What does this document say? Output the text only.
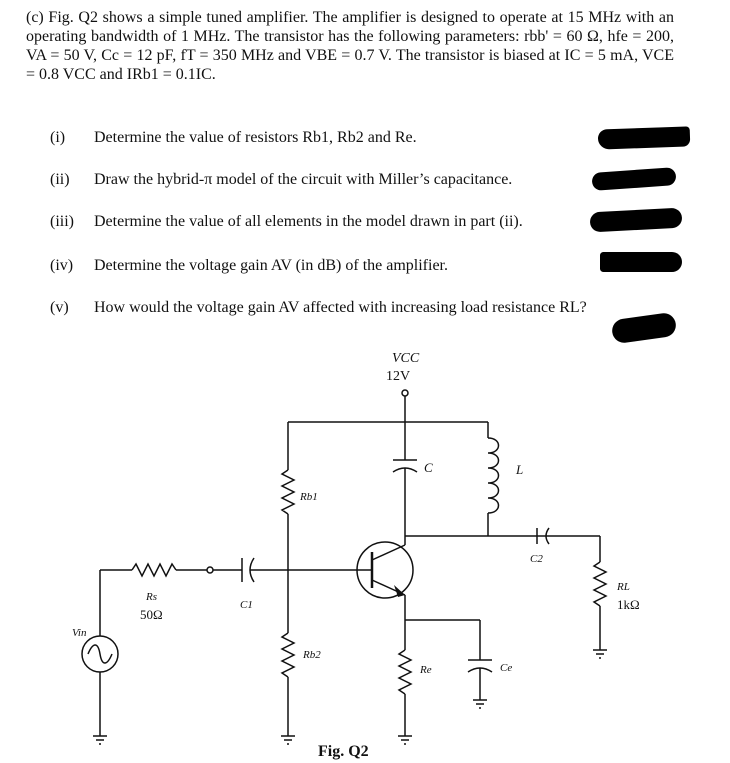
(c) Fig. Q2 shows a simple tuned amplifier. The amplifier is designed to operate at 15 MHz with an operating bandwidth of 1 MHz. The transistor has the following parameters: rbb' = 60 Ω, hfe = 200, VA = 50 V, Cc = 12 pF, fT = 350 MHz and VBE = 0.7 V. The transistor is biased at IC = 5 mA, VCE = 0.8 VCC and IRb1 = 0.1IC.
(i) Determine the value of resistors Rb1, Rb2 and Re.
(ii) Draw the hybrid-π model of the circuit with Miller’s capacitance.
(iii) Determine the value of all elements in the model drawn in part (ii).
(iv) Determine the voltage gain AV (in dB) of the amplifier.
(v) How would the voltage gain AV affected with increasing load resistance RL?
VCC
12V
C	L
Rb1
C2
RL
1kΩ
Rs
50Ω
C1
Vin
Rb2
Re	Ce
Fig. Q2
